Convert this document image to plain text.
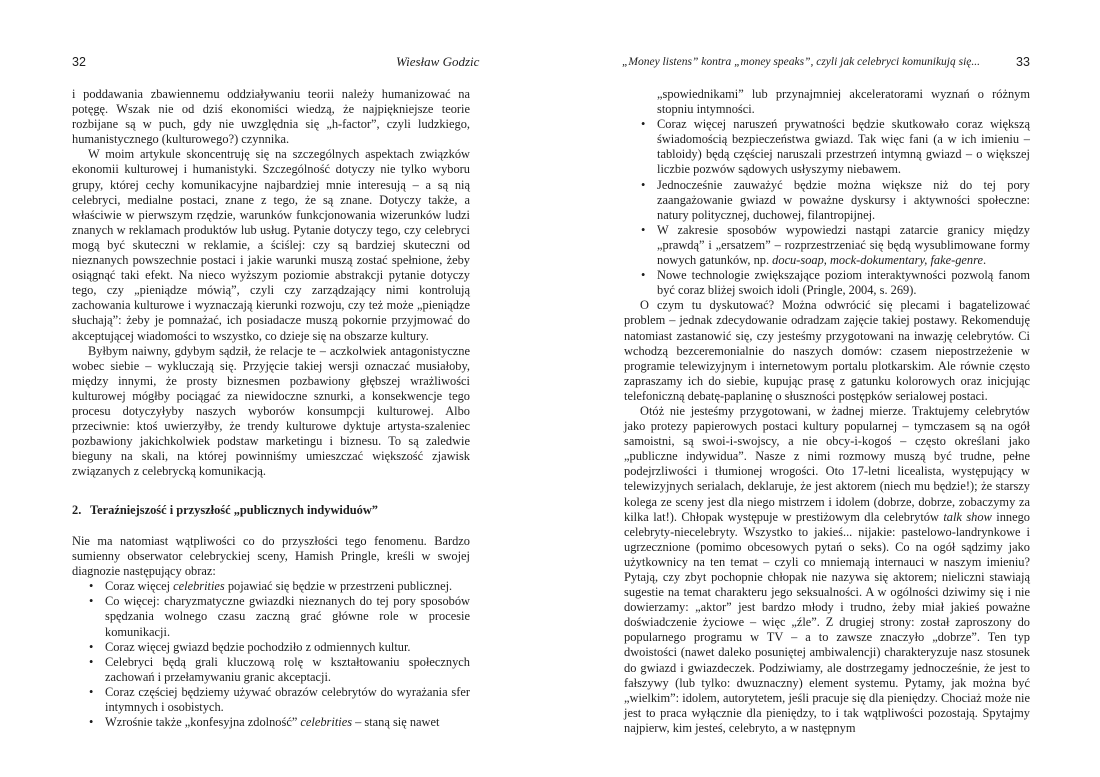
32	Wiesław Godzic

i poddawania zbawiennemu oddziaływaniu teorii należy humanizować na potęgę. Wszak nie od dziś ekonomiści wiedzą, że najpiękniejsze teorie rozbijane są w puch, gdy nie uwzględnia się „h-factor”, czyli ludzkiego, humanistycznego (kulturowego?) czynnika.

W moim artykule skoncentruję się na szczególnych aspektach związków ekonomii kulturowej i humanistyki. Szczególność dotyczy nie tylko wyboru grupy, której cechy komunikacyjne najbardziej mnie interesują – a są nią celebryci, medialne postaci, znane z tego, że są znane. Dotyczy także, a właściwie w pierwszym rzędzie, warunków funkcjonowania wizerunków ludzi znanych w reklamach produktów lub usług. Pytanie dotyczy tego, czy celebryci mogą być skuteczni w reklamie, a ściślej: czy są bardziej skuteczni od nieznanych powszechnie postaci i jakie warunki muszą zostać spełnione, żeby osiągnąć taki efekt. Na nieco wyższym poziomie abstrakcji pytanie dotyczy tego, czy „pieniądze mówią”, czyli czy zarządzający nimi kontrolują zachowania kulturowe i wyznaczają kierunki rozwoju, czy też może „pieniądze słuchają”: żeby je pomnażać, ich posiadacze muszą pokornie przyjmować do akceptującej wiadomości to wszystko, co dzieje się na obszarze kultury.

Byłbym naiwny, gdybym sądził, że relacje te – aczkolwiek antagonistyczne wobec siebie – wykluczają się. Przyjęcie takiej wersji oznaczać musiałoby, między innymi, że prosty biznesmen pozbawiony głębszej wrażliwości kulturowej mógłby pociągać za niewidoczne sznurki, a konsekwencje tego procesu dotyczyłyby naszych wyborów konsumpcji kulturowej. Albo przeciwnie: ktoś uwierzyłby, że trendy kulturowe dyktuje artysta-szaleniec pozbawiony jakichkolwiek podstaw marketingu i biznesu. To są zaledwie bieguny na skali, na której powinniśmy umieszczać większość zjawisk związanych z celebrycką komunikacją.

2. Teraźniejszość i przyszłość „publicznych indywiduów”

Nie ma natomiast wątpliwości co do przyszłości tego fenomenu. Bardzo sumienny obserwator celebryckiej sceny, Hamish Pringle, kreśli w swojej diagnozie następujący obraz:

• Coraz więcej celebrities pojawiać się będzie w przestrzeni publicznej.
• Co więcej: charyzmatyczne gwiazdki nieznanych do tej pory sposobów spędzania wolnego czasu zaczną grać główne role w procesie komunikacji.
• Coraz więcej gwiazd będzie pochodziło z odmiennych kultur.
• Celebryci będą grali kluczową rolę w kształtowaniu społecznych zachowań i przełamywaniu granic akceptacji.
• Coraz częściej będziemy używać obrazów celebrytów do wyrażania sfer intymnych i osobistych.
• Wzrośnie także „konfesyjna zdolność” celebrities – staną się nawet
„Money listens” kontra „money speaks”, czyli jak celebryci komunikują się...	33
„spowiednikami” lub przynajmniej akceleratorami wyznań o różnym stopniu intymności.
• Coraz więcej naruszeń prywatności będzie skutkowało coraz większą świadomością bezpieczeństwa gwiazd. Tak więc fani (a w ich imieniu – tabloidy) będą częściej naruszali przestrzeń intymną gwiazd – o większej liczbie pozwów sądowych usłyszymy niebawem.
• Jednocześnie zauważyć będzie można większe niż do tej pory zaangażowanie gwiazd w poważne dyskursy i aktywności społeczne: natury politycznej, duchowej, filantropijnej.
• W zakresie sposobów wypowiedzi nastąpi zatarcie granicy między „prawdą” i „ersatzem” – rozprzestrzeniać się będą wysublimowane formy nowych gatunków, np. docu-soap, mock-dokumentary, fake-genre.
• Nowe technologie zwiększające poziom interaktywności pozwolą fanom być coraz bliżej swoich idoli (Pringle, 2004, s. 269).

O czym tu dyskutować? Można odwrócić się plecami i bagatelizować problem – jednak zdecydowanie odradzam zajęcie takiej postawy. Rekomenduję natomiast zastanowić się, czy jesteśmy przygotowani na inwazję celebrytów. Ci wchodzą bezceremonialnie do naszych domów: czasem niepostrzeżenie w programie telewizyjnym i internetowym portalu plotkarskim. Ale równie często zapraszamy ich do siebie, kupując prasę z gatunku kolorowych oraz inicjując telefoniczną debatę-paplaninę o słuszności postępków serialowej postaci.

Otóż nie jesteśmy przygotowani, w żadnej mierze. Traktujemy celebrytów jako protezy papierowych postaci kultury popularnej – tymczasem są na ogół samoistni, są swoi-i-swojscy, a nie obcy-i-kogoś – często określani jako „publiczne indywidua”. Nasze z nimi rozmowy muszą być trudne, pełne podejrzliwości i tłumionej wrogości. Oto 17-letni licealista, występujący w telewizyjnych serialach, deklaruje, że jest aktorem (niech mu będzie!); że starszy kolega ze sceny jest dla niego mistrzem i idolem (dobrze, dobrze, zobaczymy za kilka lat!). Chłopak występuje w prestiżowym dla celebrytów talk show innego celebryty-niecelebryty. Wszystko to jakieś... nijakie: pastelowo-landrynkowe i ugrzecznione (pomimo obcesowych pytań o seks). Co na ogół sądzimy jako użytkownicy na ten temat – czyli co mniemają internauci w naszym imieniu? Pytają, czy zbyt pochopnie chłopak nie nazywa się aktorem; nieliczni stawiają sugestie na temat charakteru jego seksualności. A w ogólności dziwimy się i nie dowierzamy: „aktor” jest bardzo młody i trudno, żeby miał jakieś poważne doświadczenie życiowe – więc „źle”. Z drugiej strony: został zaproszony do popularnego programu w TV – a to zawsze znaczyło „dobrze”. Ten typ dwoistości (nawet daleko posuniętej ambiwalencji) charakteryzuje nasz stosunek do gwiazd i gwiazdeczek. Podziwiamy, ale dostrzegamy jednocześnie, że jest to fałszywy (lub tylko: dwuznaczny) element systemu. Pytamy, jak można być „wielkim”: idolem, autorytetem, jeśli pracuje się dla pieniędzy. Chociaż może nie jest to praca wyłącznie dla pieniędzy, to i tak wątpliwości pozostają. Spytajmy najpierw, kim jesteś, celebryto, a w następnym
